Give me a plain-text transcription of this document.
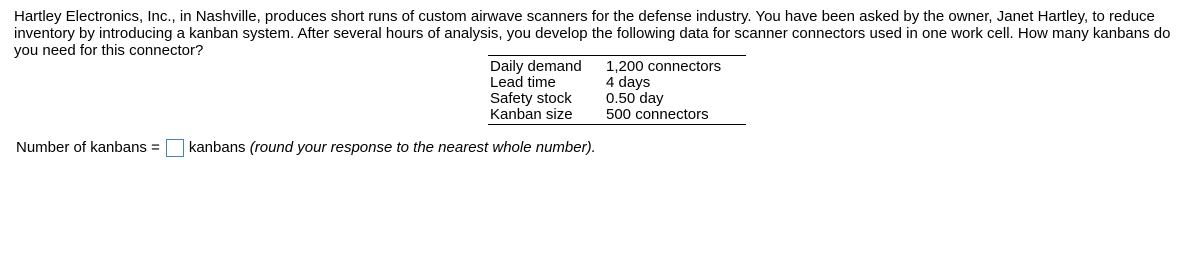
Hartley Electronics, Inc., in Nashville, produces short runs of custom airwave scanners for the defense industry. You have been asked by the owner, Janet Hartley, to reduce inventory by introducing a kanban system. After several hours of analysis, you develop the following data for scanner connectors used in one work cell. How many kanbans do you need for this connector?

Daily demand	1,200 connectors
Lead time	4 days
Safety stock	0.50 day
Kanban size	500 connectors
Number of kanbans = kanbans
(round your response to the nearest whole number).
